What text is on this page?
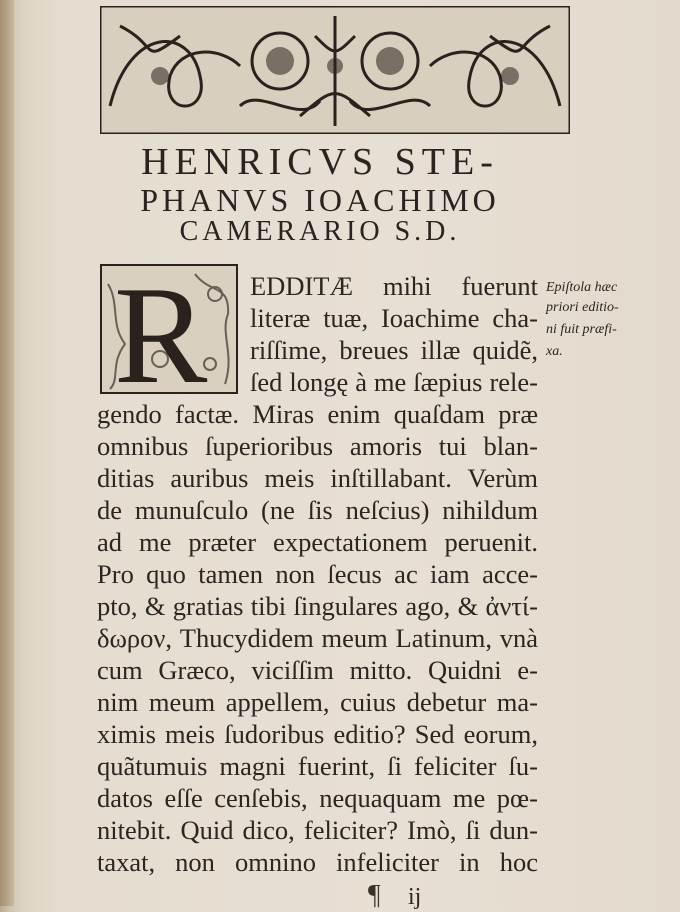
HENRICVS STE-
PHANVS IOACHIMO
CAMERARIO S.D.
R EDDITÆ mihi fuerunt
literæ tuæ, Ioachime cha-
riſſime, breues illæ quidẽ,
ſed longę à me ſæpius rele-
gendo factæ. Miras enim quaſdam præ
omnibus ſuperioribus amoris tui blan-
ditias auribus meis inſtillabant. Verùm
de munuſculo (ne ſis neſcius) nihildum
ad me præter expectationem peruenit.
Pro quo tamen non ſecus ac iam acce-
pto, & gratias tibi ſingulares ago, & ἀντί-
δωρον, Thucydidem meum Latinum, vnà
cum Græco, viciſſim mitto. Quidni e-
nim meum appellem, cuius debetur ma-
ximis meis ſudoribus editio? Sed eorum,
quãtumuis magni fuerint, ſi feliciter ſu-
datos eſſe cenſebis, nequaquam me pœ-
nitebit. Quid dico, feliciter? Imò, ſi dun-
taxat, non omnino infeliciter in hoc
Epiſtola hæc
priori editio-
ni fuit præfi-
xa.
¶ ij
